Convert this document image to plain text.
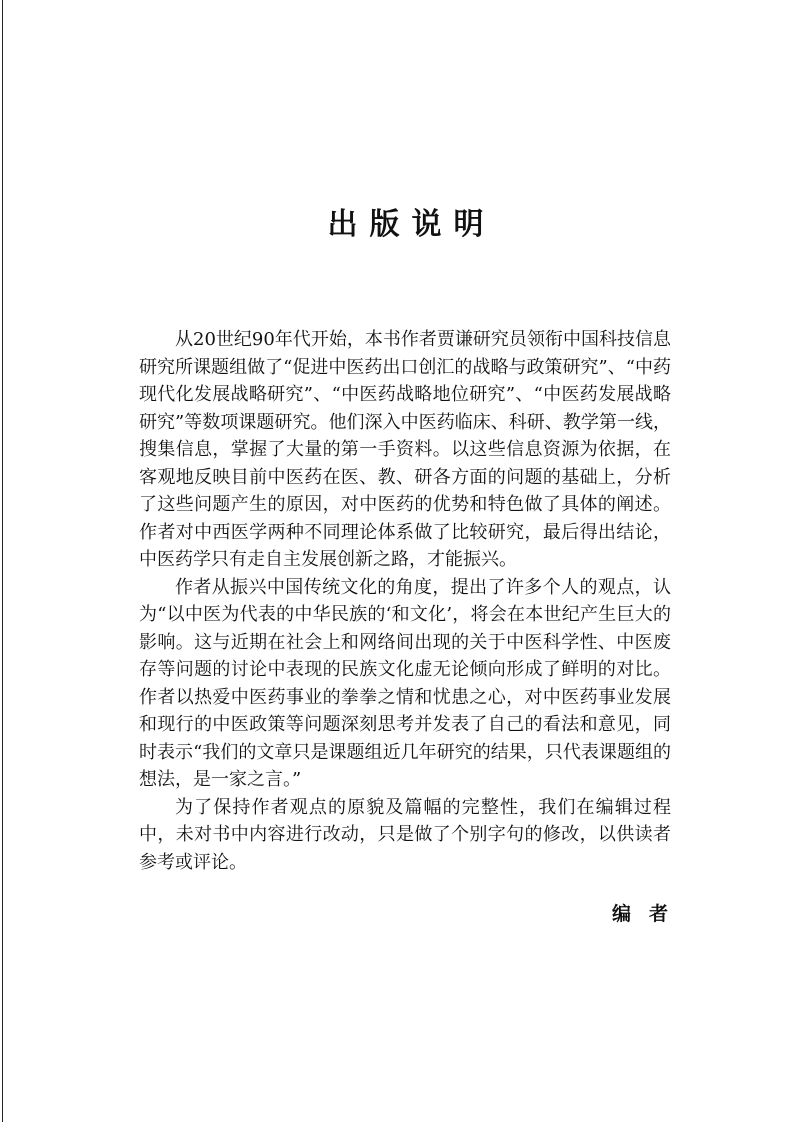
出版说明

从20世纪90年代开始，本书作者贾谦研究员领衔中国科技信息研究所课题组做了“促进中医药出口创汇的战略与政策研究”、“中药现代化发展战略研究”、“中医药战略地位研究”、“中医药发展战略研究”等数项课题研究。他们深入中医药临床、科研、教学第一线，搜集信息，掌握了大量的第一手资料。以这些信息资源为依据，在客观地反映目前中医药在医、教、研各方面的问题的基础上，分析了这些问题产生的原因，对中医药的优势和特色做了具体的阐述。作者对中西医学两种不同理论体系做了比较研究，最后得出结论，中医药学只有走自主发展创新之路，才能振兴。

作者从振兴中国传统文化的角度，提出了许多个人的观点，认为“以中医为代表的中华民族的‘和文化’，将会在本世纪产生巨大的影响。这与近期在社会上和网络间出现的关于中医科学性、中医废存等问题的讨论中表现的民族文化虚无论倾向形成了鲜明的对比。作者以热爱中医药事业的拳拳之情和忧患之心，对中医药事业发展和现行的中医政策等问题深刻思考并发表了自己的看法和意见，同时表示“我们的文章只是课题组近几年研究的结果，只代表课题组的想法，是一家之言。”

为了保持作者观点的原貌及篇幅的完整性，我们在编辑过程中，未对书中内容进行改动，只是做了个别字句的修改，以供读者参考或评论。

编者
